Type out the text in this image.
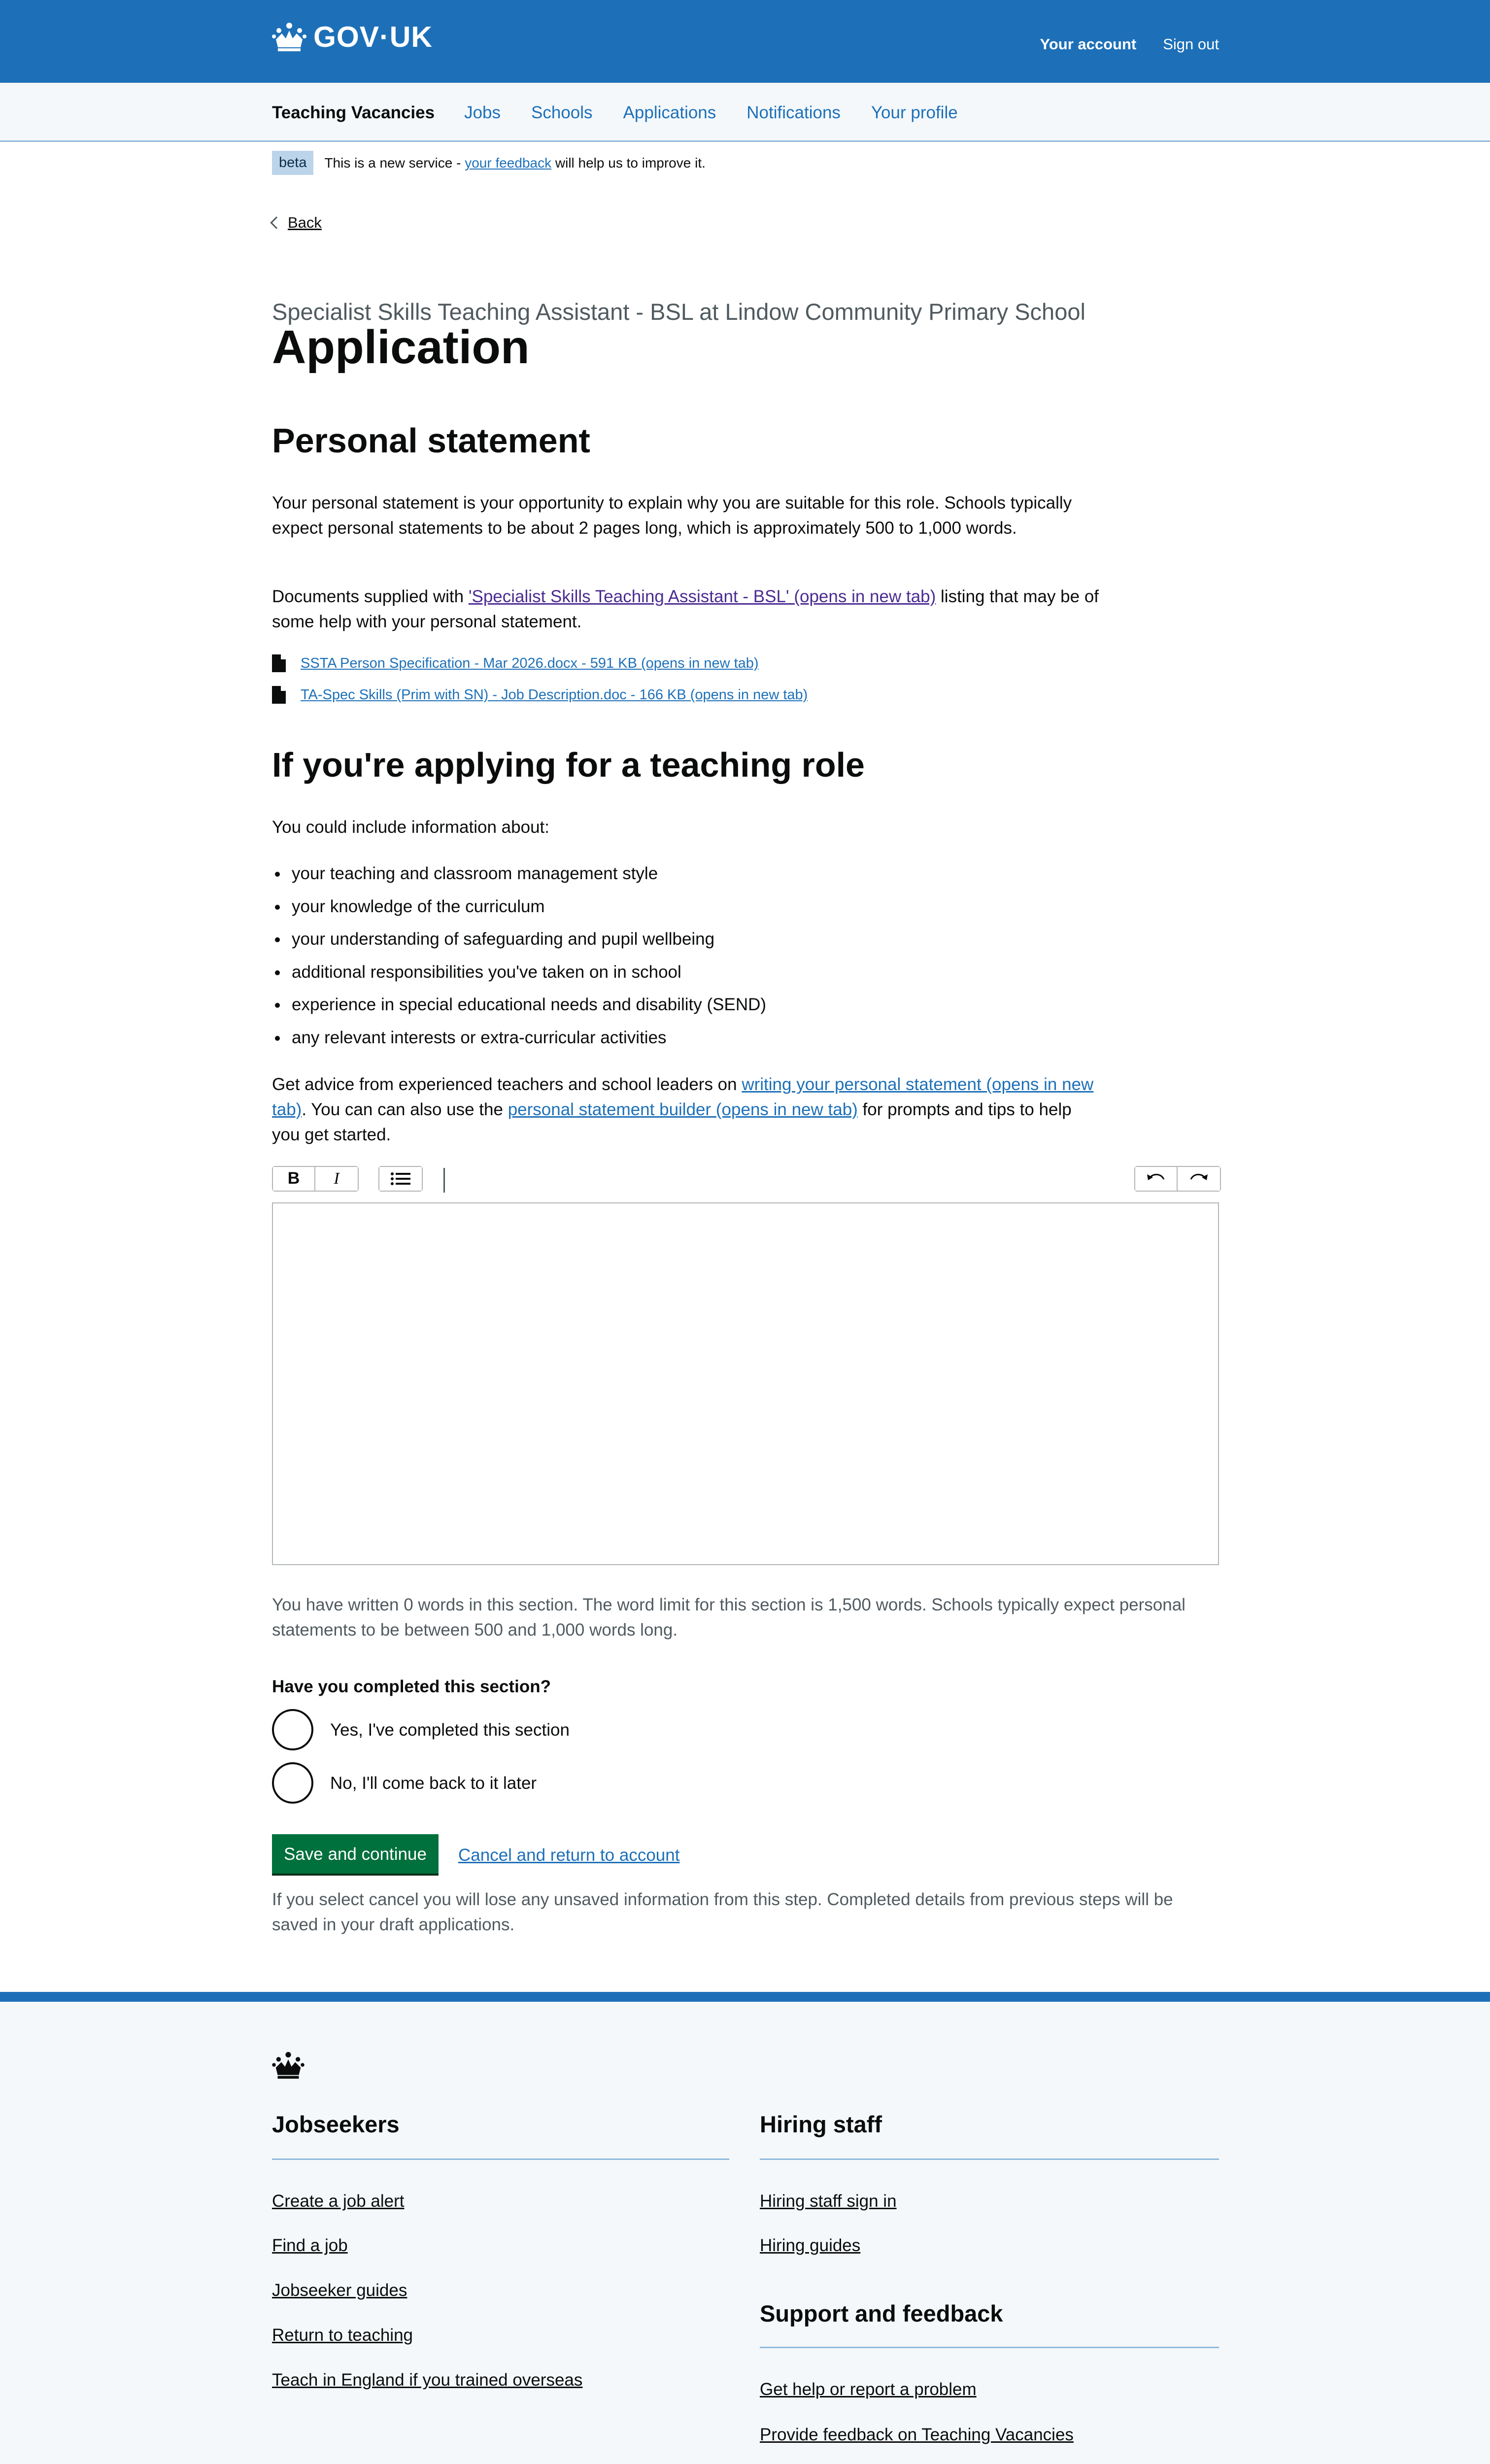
GOV·UK	Your account Sign out
Teaching Vacancies Jobs Schools Applications Notifications Your profile
beta	This is a new service - your feedback will help us to improve it.
Back
Specialist Skills Teaching Assistant - BSL at Lindow Community Primary School
Application
Personal statement

Your personal statement is your opportunity to explain why you are suitable for this role. Schools typically expect personal statements to be about 2 pages long, which is approximately 500 to 1,000 words.

Documents supplied with 'Specialist Skills Teaching Assistant - BSL' (opens in new tab) listing that may be of some help with your personal statement.

SSTA Person Specification - Mar 2026.docx - 591 KB (opens in new tab)
TA-Spec Skills (Prim with SN) - Job Description.doc - 166 KB (opens in new tab)
If you're applying for a teaching role

You could include information about:

your teaching and classroom management style
your knowledge of the curriculum
your understanding of safeguarding and pupil wellbeing
additional responsibilities you've taken on in school
experience in special educational needs and disability (SEND)
any relevant interests or extra-curricular activities

Get advice from experienced teachers and school leaders on writing your personal statement (opens in new tab). You can can also use the personal statement builder (opens in new tab) for prompts and tips to help you get started.

B	I

You have written 0 words in this section. The word limit for this section is 1,500 words. Schools typically expect personal statements to be between 500 and 1,000 words long.

Have you completed this section?
Yes, I've completed this section
No, I'll come back to it later
Save and continue	Cancel and return to account

If you select cancel you will lose any unsaved information from this step. Completed details from previous steps will be saved in your draft applications.

Jobseekers
Create a job alert
Find a job
Jobseeker guides
Return to teaching
Teach in England if you trained overseas
Hiring staff
Hiring staff sign in
Hiring guides
Support and feedback
Get help or report a problem
Provide feedback on Teaching Vacancies
